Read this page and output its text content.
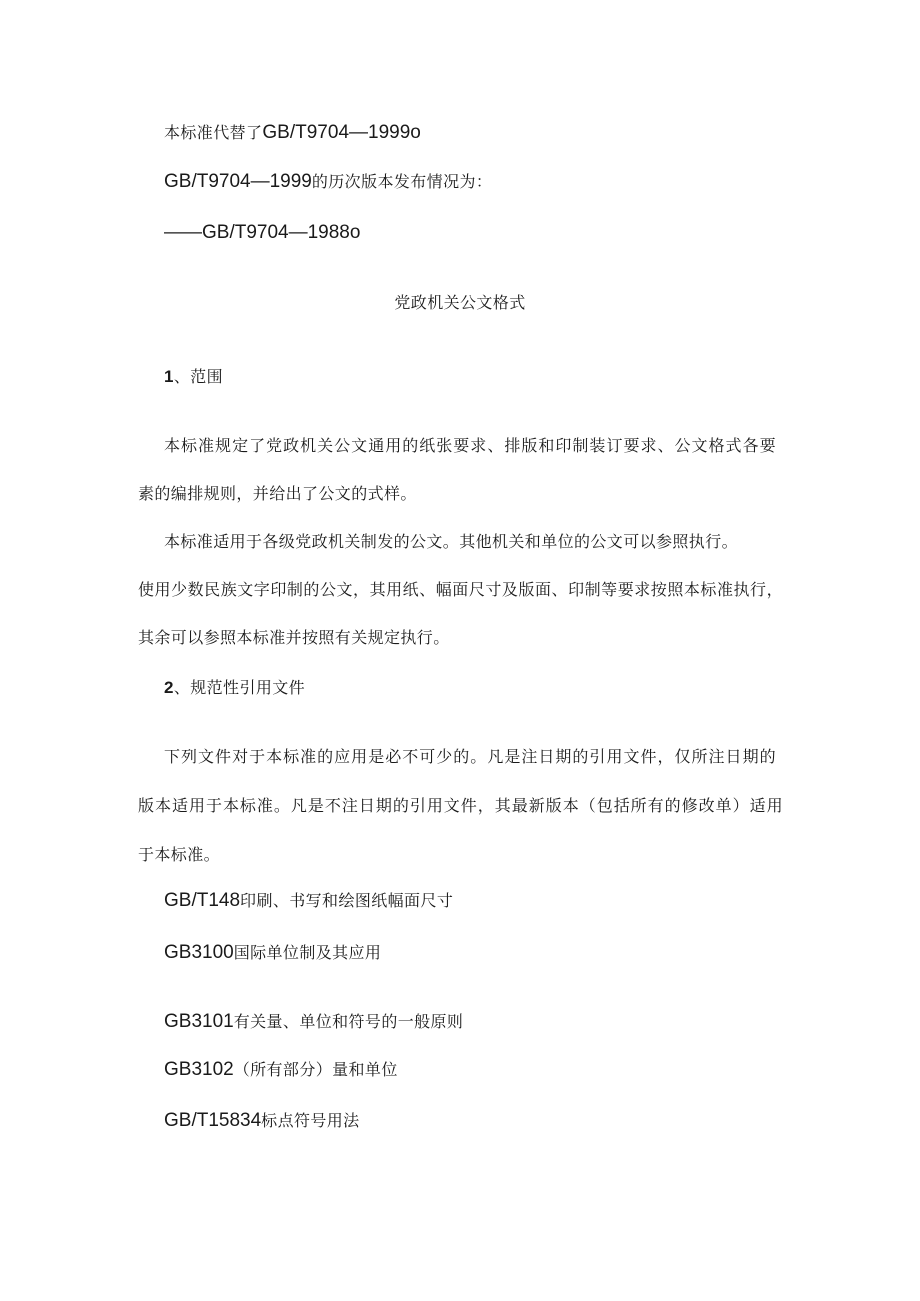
本标准代替了GB/T9704—1999o
GB/T9704—1999的历次版本发布情况为：
——GB/T9704—1988o
党政机关公文格式
1、范围
本标准规定了党政机关公文通用的纸张要求、排版和印制装订要求、公文格式各要
素的编排规则，并给出了公文的式样。
本标准适用于各级党政机关制发的公文。其他机关和单位的公文可以参照执行。
使用少数民族文字印制的公文，其用纸、幅面尺寸及版面、印制等要求按照本标准执行，
其余可以参照本标准并按照有关规定执行。
2、规范性引用文件
下列文件对于本标准的应用是必不可少的。凡是注日期的引用文件，仅所注日期的
版本适用于本标准。凡是不注日期的引用文件，其最新版本（包括所有的修改单）适用
于本标准。
GB/T148印刷、书写和绘图纸幅面尺寸
GB3100国际单位制及其应用
GB3101有关量、单位和符号的一般原则
GB3102（所有部分）量和单位
GB/T15834标点符号用法
